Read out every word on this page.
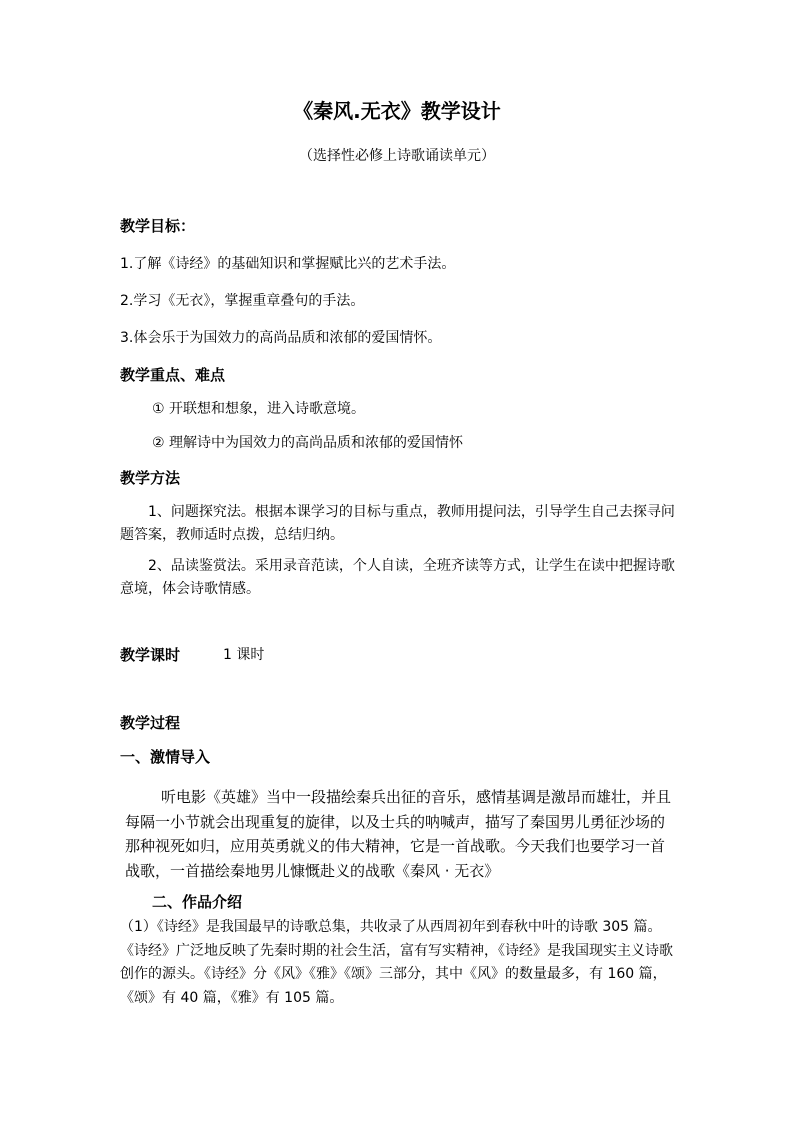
《秦风.无衣》教学设计
（选择性必修上诗歌诵读单元）
教学目标：
1.了解《诗经》的基础知识和掌握赋比兴的艺术手法。
2.学习《无衣》，掌握重章叠句的手法。
3.体会乐于为国效力的高尚品质和浓郁的爱国情怀。
教学重点、难点
① 开联想和想象，进入诗歌意境。
② 理解诗中为国效力的高尚品质和浓郁的爱国情怀
教学方法
1、问题探究法。根据本课学习的目标与重点，教师用提问法，引导学生自己去探寻问题答案，教师适时点拨，总结归纳。
2、品读鉴赏法。采用录音范读，个人自读，全班齐读等方式，让学生在读中把握诗歌意境，体会诗歌情感。
教学课时	1 课时
教学过程
一、激情导入
听电影《英雄》当中一段描绘秦兵出征的音乐，感情基调是激昂而雄壮，并且每隔一小节就会出现重复的旋律，以及士兵的呐喊声，描写了秦国男儿勇征沙场的那种视死如归，应用英勇就义的伟大精神，它是一首战歌。今天我们也要学习一首战歌，一首描绘秦地男儿慷慨赴义的战歌《秦风 · 无衣》
二、作品介绍
（1）《诗经》是我国最早的诗歌总集，共收录了从西周初年到春秋中叶的诗歌 305 篇。《诗经》广泛地反映了先秦时期的社会生活，富有写实精神，《诗经》是我国现实主义诗歌创作的源头。《诗经》分《风》《雅》《颂》三部分，其中《风》的数量最多，有 160 篇，《颂》有 40 篇，《雅》有 105 篇。
